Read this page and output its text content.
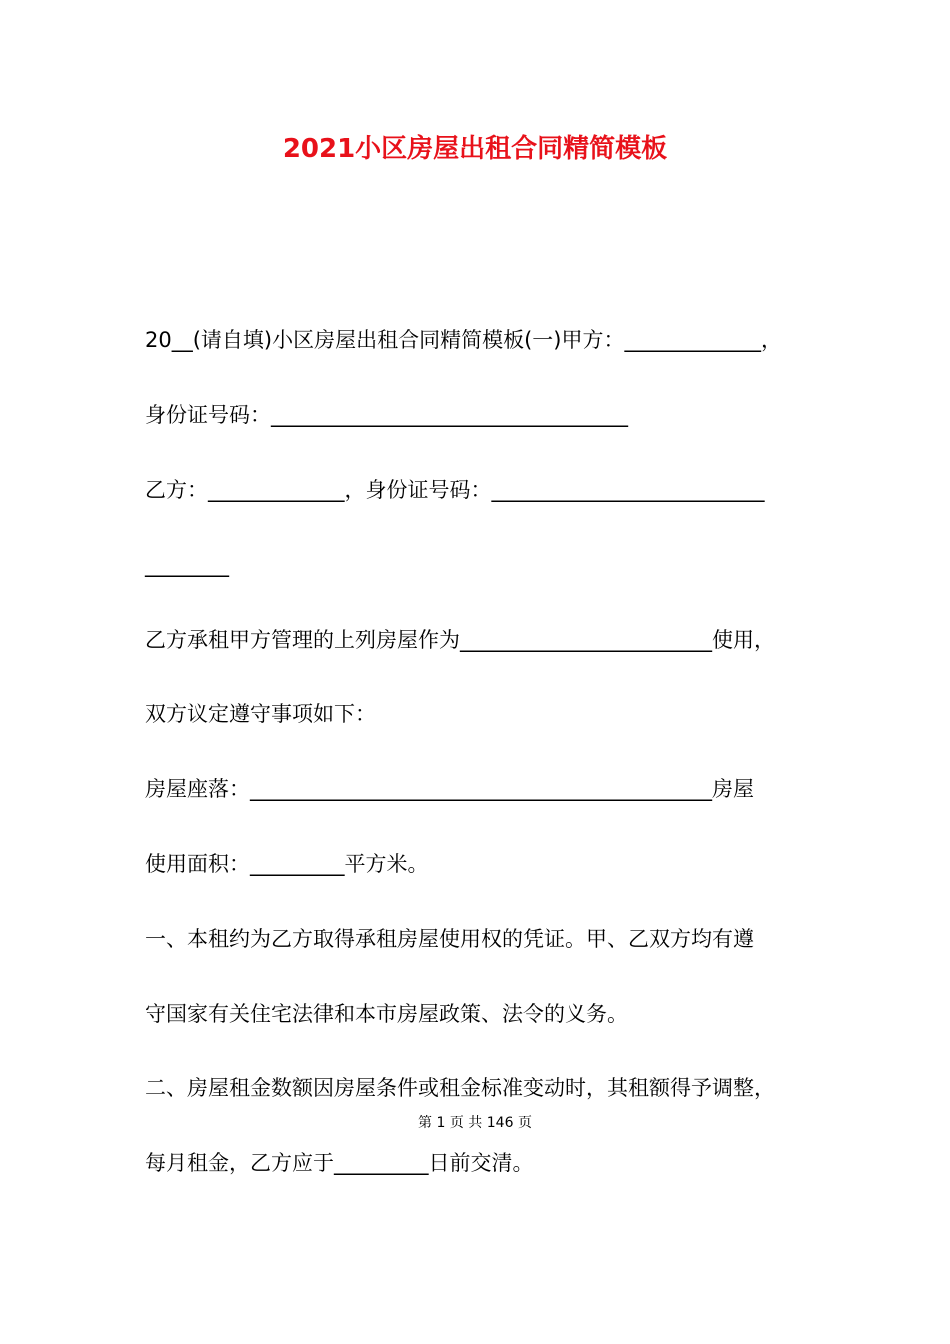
2021小区房屋出租合同精简模板
20__(请自填)小区房屋出租合同精简模板(一)甲方：_____________，
身份证号码：__________________________________
乙方：_____________，身份证号码：__________________________
________
乙方承租甲方管理的上列房屋作为________________________使用，
双方议定遵守事项如下：
房屋座落：____________________________________________房屋
使用面积：_________平方米。
一、本租约为乙方取得承租房屋使用权的凭证。甲、乙双方均有遵
守国家有关住宅法律和本市房屋政策、法令的义务。
二、房屋租金数额因房屋条件或租金标准变动时，其租额得予调整，
第 1 页 共 146 页
每月租金，乙方应于_________日前交清。
